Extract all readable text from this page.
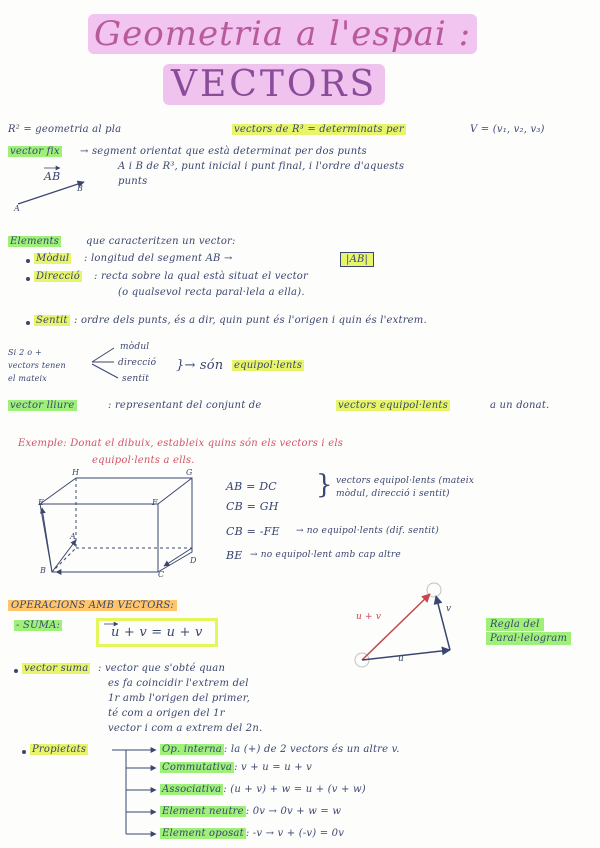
Geometria a l'espai :
VECTORS
R² = geometria al pla	vectors de R³ = determinats per	V = (v₁, v₂, v₃)
vector fix → segment orientat que està determinat per dos punts
A i B de R³, punt inicial i punt final, i l'ordre d'aquests
punts
AB
A
B
Elements	que caracteritzen un vector:
Mòdul : longitud del segment AB →	|AB|
Direcció : recta sobre la qual està situat el vector
(o qualsevol recta paral·lela a ella).
Sentit : ordre dels punts, és a dir, quin punt és l'origen i quin és l'extrem.
Si 2 o +
vectors tenen
el mateix
mòdul
direcció
sentit
}→ són equipol·lents
vector lliure	: representant del conjunt de	vectors equipol·lents	a un donat.
Exemple: Donat el dibuix, estableix quins són els vectors i els
equipol·lents a ells.
H
E	F
G
A
B	C
D
AB = DC
CB = GH
} vectors equipol·lents (mateix
mòdul, direcció i sentit)
CB = -FE → no equipol·lents (dif. sentit)
BE → no equipol·lent amb cap altre
OPERACIONS AMB VECTORS:
- SUMA:	u + v = u + v
u + v
v
u
Regla del
Paral·lelogram
vector suma : vector que s'obté quan
es fa coincidir l'extrem del
1r amb l'origen del primer,
té com a origen del 1r
vector i com a extrem del 2n.
Propietats	Op. interna : la (+) de 2 vectors és un altre v.
Commutativa : v + u = u + v
Associativa : (u + v) + w = u + (v + w)
Element neutre : 0v → 0v + w = w
Element oposat : -v → v + (-v) = 0v
